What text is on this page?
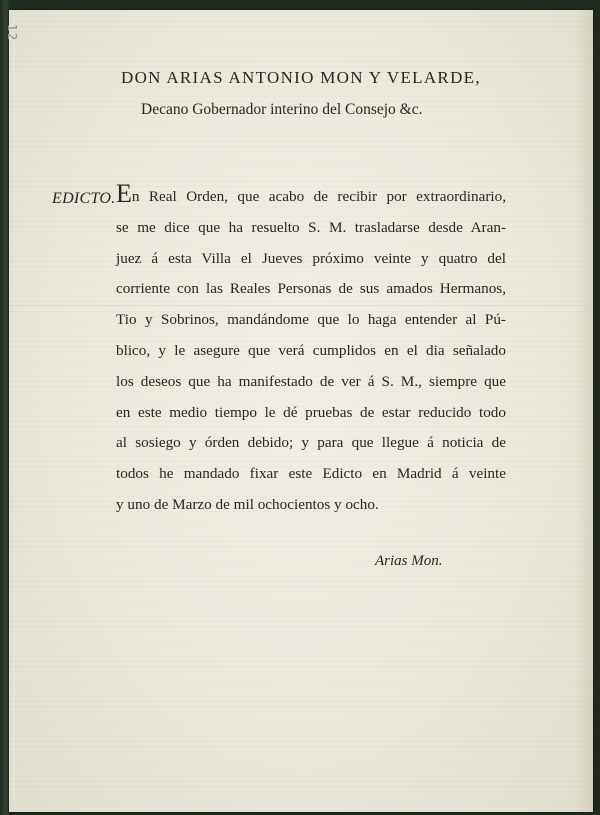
12
DON ARIAS ANTONIO MON Y VELARDE,
Decano Gobernador interino del Consejo &c.
EDICTO. En Real Orden, que acabo de recibir por extraordinario,
se me dice que ha resuelto S. M. trasladarse desde Aran-
juez á esta Villa el Jueves próximo veinte y quatro del
corriente con las Reales Personas de sus amados Hermanos,
Tio y Sobrinos, mandándome que lo haga entender al Pú-
blico, y le asegure que verá cumplidos en el dia señalado
los deseos que ha manifestado de ver á S. M., siempre que
en este medio tiempo le dé pruebas de estar reducido todo
al sosiego y órden debido; y para que llegue á noticia de
todos he mandado fixar este Edicto en Madrid á veinte
y uno de Marzo de mil ochocientos y ocho.
Arias Mon.
